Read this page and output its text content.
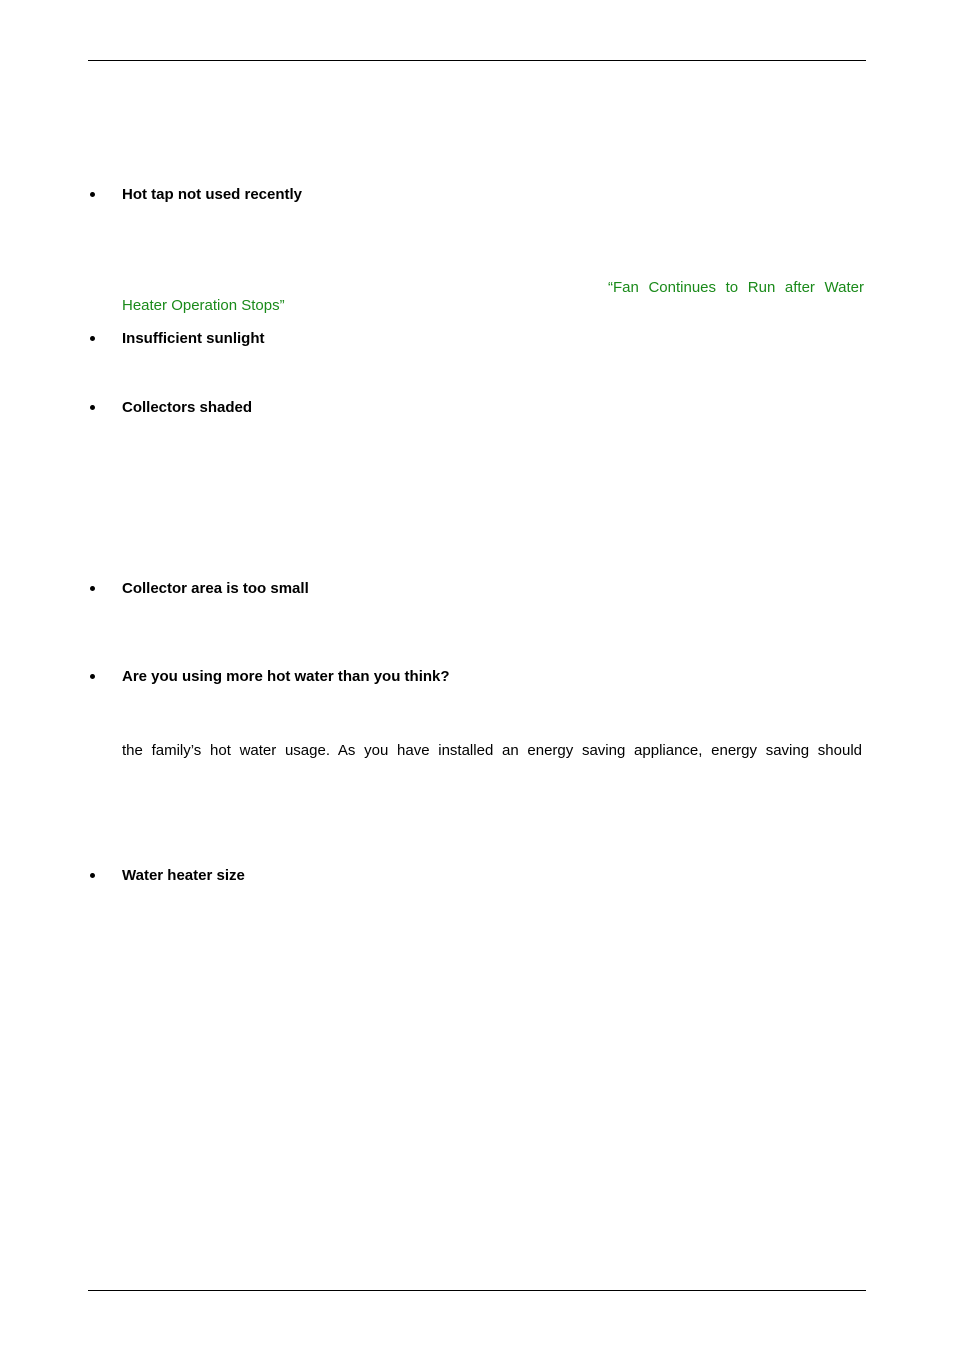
Hot tap not used recently
“Fan Continues to Run after Water
Heater Operation Stops”
Insufficient sunlight
Collectors shaded
Collector area is too small
Are you using more hot water than you think?
the family’s hot water usage. As you have installed an energy saving appliance, energy saving should
Water heater size
